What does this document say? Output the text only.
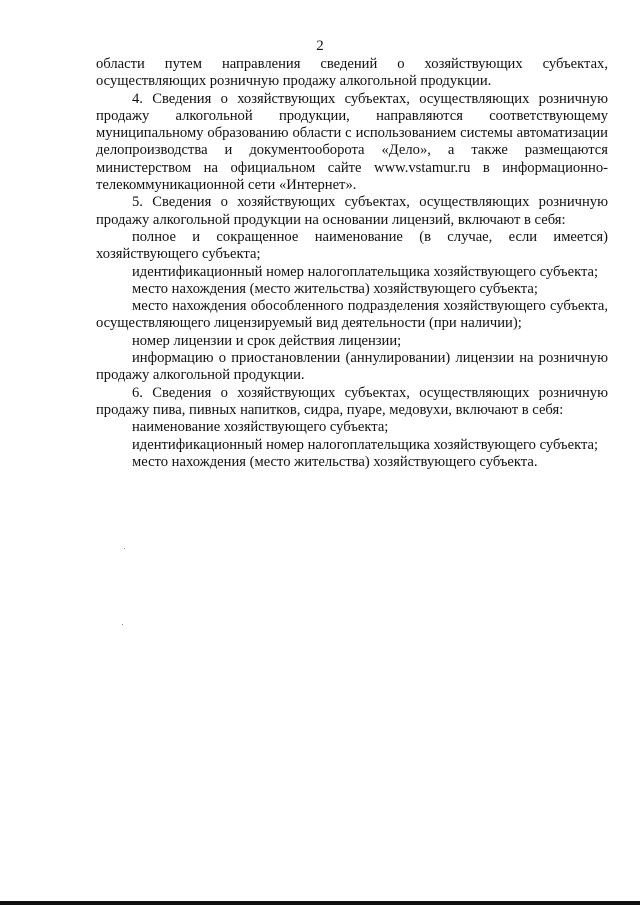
2

области путем направления сведений о хозяйствующих субъектах, осуществляющих розничную продажу алкогольной продукции.

4. Сведения о хозяйствующих субъектах, осуществляющих розничную продажу алкогольной продукции, направляются соответствующему муниципальному образованию области с использованием системы автоматизации делопроизводства и документооборота «Дело», а также размещаются министерством на официальном сайте www.vstamur.ru в информационно-телекоммуникационной сети «Интернет».

5. Сведения о хозяйствующих субъектах, осуществляющих розничную продажу алкогольной продукции на основании лицензий, включают в себя:

полное и сокращенное наименование (в случае, если имеется) хозяйствующего субъекта;

идентификационный номер налогоплательщика хозяйствующего субъекта;

место нахождения (место жительства) хозяйствующего субъекта;

место нахождения обособленного подразделения хозяйствующего субъекта, осуществляющего лицензируемый вид деятельности (при наличии);

номер лицензии и срок действия лицензии;

информацию о приостановлении (аннулировании) лицензии на розничную продажу алкогольной продукции.

6. Сведения о хозяйствующих субъектах, осуществляющих розничную продажу пива, пивных напитков, сидра, пуаре, медовухи, включают в себя:

наименование хозяйствующего субъекта;

идентификационный номер налогоплательщика хозяйствующего субъекта;

место нахождения (место жительства) хозяйствующего субъекта.
